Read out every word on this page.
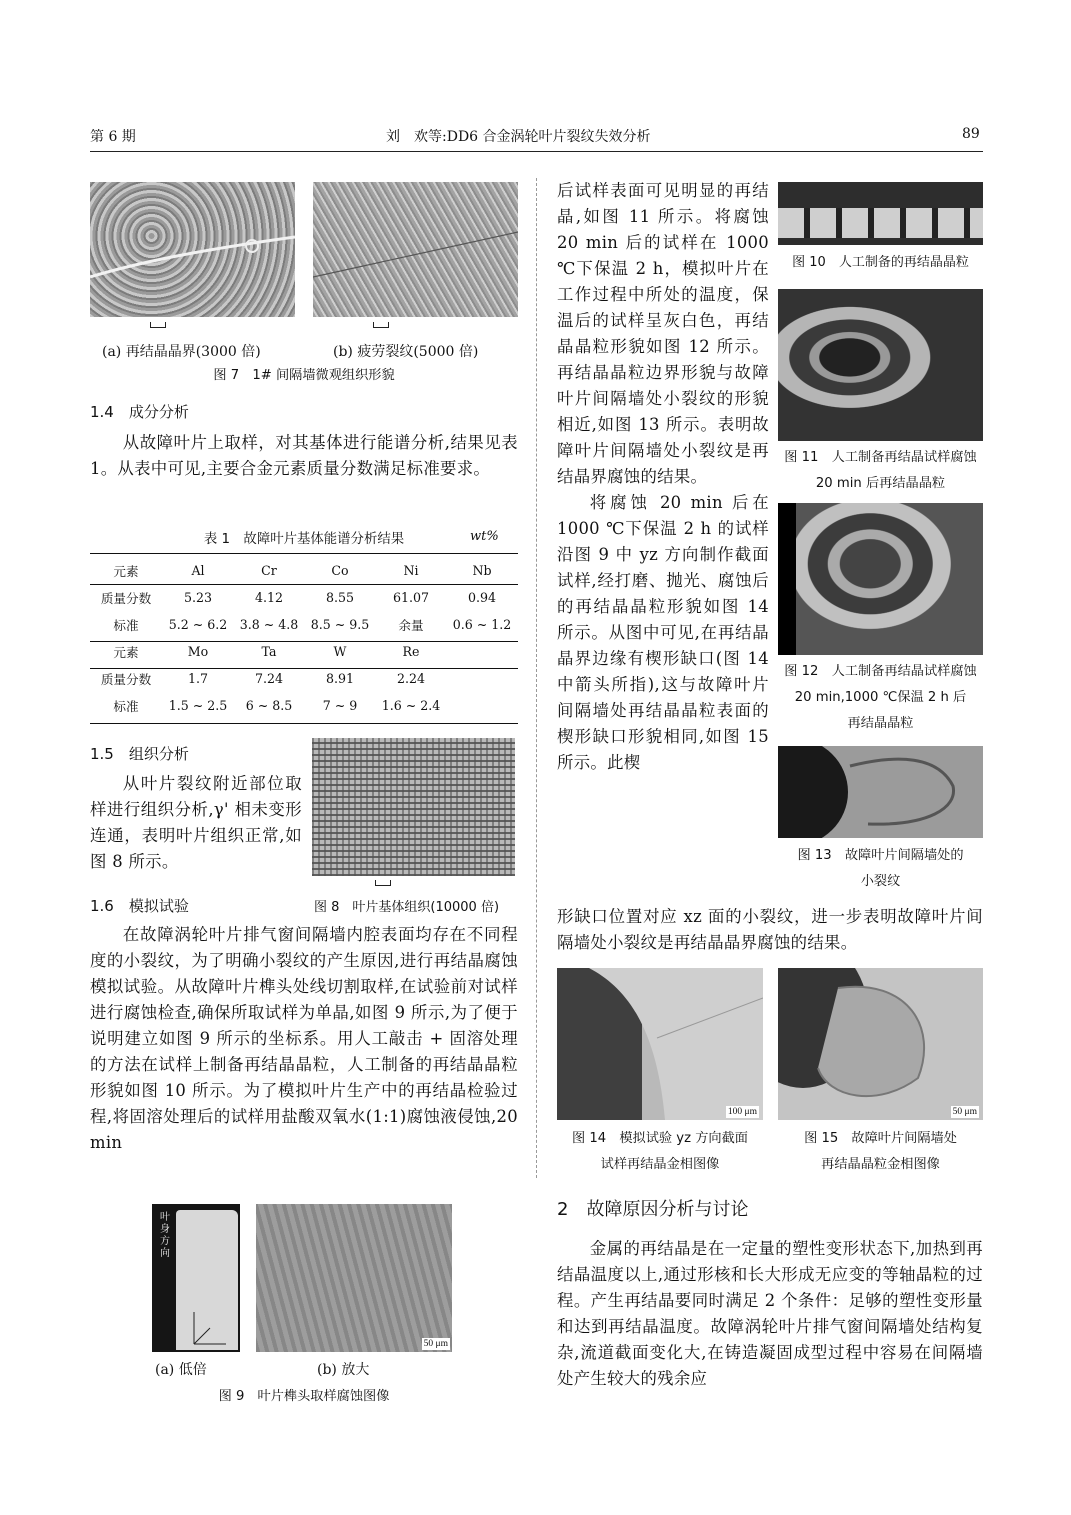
第 6 期	刘　欢等:DD6 合金涡轮叶片裂纹失效分析	89
(a) 再结晶晶界(3000 倍)	(b) 疲劳裂纹(5000 倍)
图 7　1# 间隔墙微观组织形貌
1.4　成分分析

从故障叶片上取样，对其基体进行能谱分析,结果见表 1。从表中可见,主要合金元素质量分数满足标准要求。

表 1　故障叶片基体能谱分析结果	wt%
元素	Al	Cr	Co	Ni	Nb
质量分数	5.23	4.12	8.55	61.07	0.94
标准	5.2 ~ 6.2	3.8 ~ 4.8	8.5 ~ 9.5	余量	0.6 ~ 1.2
元素	Mo	Ta	W	Re	
质量分数	1.7	7.24	8.91	2.24	
标准	1.5 ~ 2.5	6 ~ 8.5	7 ~ 9	1.6 ~ 2.4	
1.5　组织分析

从叶片裂纹附近部位取样进行组织分析,γ' 相未变形连通，表明叶片组织正常,如图 8 所示。

1.6　模拟试验	图 8　叶片基体组织(10000 倍)

在故障涡轮叶片排气窗间隔墙内腔表面均存在不同程度的小裂纹，为了明确小裂纹的产生原因,进行再结晶腐蚀模拟试验。从故障叶片榫头处线切割取样,在试验前对试样进行腐蚀检查,确保所取试样为单晶,如图 9 所示,为了便于说明建立如图 9 所示的坐标系。用人工敲击 + 固溶处理的方法在试样上制备再结晶晶粒，人工制备的再结晶晶粒形貌如图 10 所示。为了模拟叶片生产中的再结晶检验过程,将固溶处理后的试样用盐酸双氧水(1:1)腐蚀液侵蚀,20 min

叶身方向
50 μm
(a) 低倍	(b) 放大
图 9　叶片榫头取样腐蚀图像

后试样表面可见明显的再结晶,如图 11 所示。将腐蚀 20 min 后的试样在 1000 ℃下保温 2 h，模拟叶片在工作过程中所处的温度，保温后的试样呈灰白色，再结晶晶粒形貌如图 12 所示。再结晶晶粒边界形貌与故障叶片间隔墙处小裂纹的形貌相近,如图 13 所示。表明故障叶片间隔墙处小裂纹是再结晶界腐蚀的结果。

将腐蚀 20 min 后在 1000 ℃下保温 2 h 的试样沿图 9 中 yz 方向制作截面试样,经打磨、抛光、腐蚀后的再结晶晶粒形貌如图 14 所示。从图中可见,在再结晶晶界边缘有楔形缺口(图 14 中箭头所指),这与故障叶片间隔墙处再结晶晶粒表面的楔形缺口形貌相同,如图 15 所示。此楔

形缺口位置对应 xz 面的小裂纹，进一步表明故障叶片间隔墙处小裂纹是再结晶晶界腐蚀的结果。

图 10　人工制备的再结晶晶粒
图 11　人工制备再结晶试样腐蚀
20 min 后再结晶晶粒
图 12　人工制备再结晶试样腐蚀
20 min,1000 ℃保温 2 h 后
再结晶晶粒
图 13　故障叶片间隔墙处的
小裂纹
100 μm
图 14　模拟试验 yz 方向截面
试样再结晶金相图像
50 μm
图 15　故障叶片间隔墙处
再结晶晶粒金相图像
2　故障原因分析与讨论

金属的再结晶是在一定量的塑性变形状态下,加热到再结晶温度以上,通过形核和长大形成无应变的等轴晶粒的过程。产生再结晶要同时满足 2 个条件：足够的塑性变形量和达到再结晶温度。故障涡轮叶片排气窗间隔墙处结构复杂,流道截面变化大,在铸造凝固成型过程中容易在间隔墙处产生较大的残余应
